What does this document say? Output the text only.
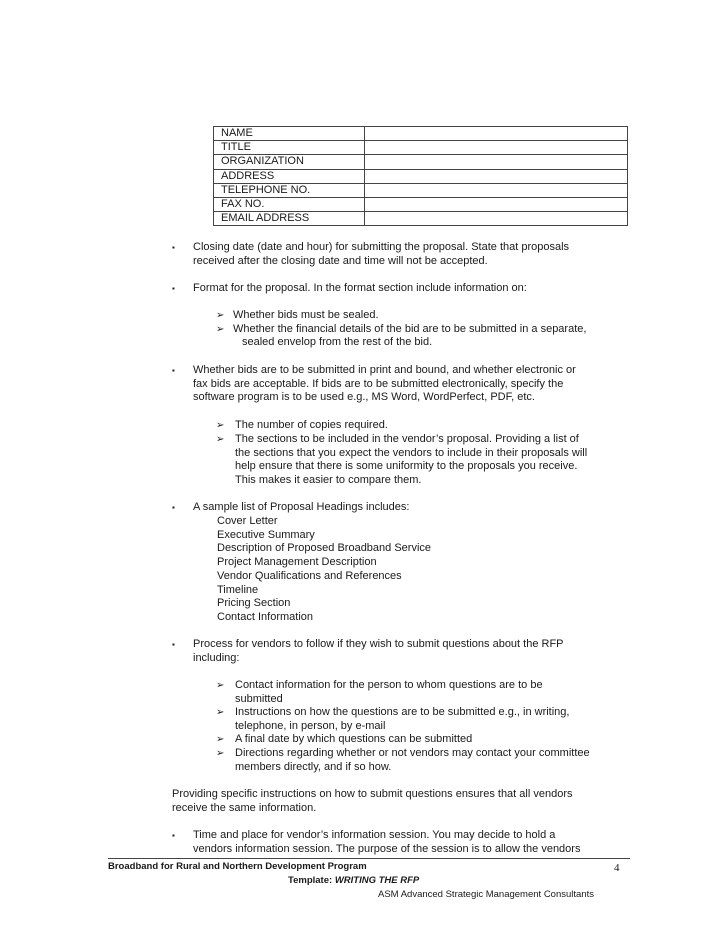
NAME	
TITLE	
ORGANIZATION	
ADDRESS	
TELEPHONE NO.	
FAX NO.	
EMAIL ADDRESS	
▪ Closing date (date and hour) for submitting the proposal. State that proposals
received after the closing date and time will not be accepted.
▪ Format for the proposal. In the format section include information on:
➢ Whether bids must be sealed.
➢ Whether the financial details of the bid are to be submitted in a separate,
sealed envelop from the rest of the bid.
▪ Whether bids are to be submitted in print and bound, and whether electronic or
fax bids are acceptable. If bids are to be submitted electronically, specify the
software program is to be used e.g., MS Word, WordPerfect, PDF, etc.
➢ The number of copies required.
➢ The sections to be included in the vendor’s proposal. Providing a list of
the sections that you expect the vendors to include in their proposals will
help ensure that there is some uniformity to the proposals you receive.
This makes it easier to compare them.
▪ A sample list of Proposal Headings includes:
Cover Letter
Executive Summary
Description of Proposed Broadband Service
Project Management Description
Vendor Qualifications and References
Timeline
Pricing Section
Contact Information
▪ Process for vendors to follow if they wish to submit questions about the RFP
including:
➢ Contact information for the person to whom questions are to be
submitted
➢ Instructions on how the questions are to be submitted e.g., in writing,
telephone, in person, by e-mail
➢ A final date by which questions can be submitted
➢ Directions regarding whether or not vendors may contact your committee
members directly, and if so how.
Providing specific instructions on how to submit questions ensures that all vendors
receive the same information.
▪ Time and place for vendor’s information session. You may decide to hold a
vendors information session. The purpose of the session is to allow the vendors
Broadband for Rural and Northern Development Program	4
Template: WRITING THE RFP
ASM Advanced Strategic Management Consultants
